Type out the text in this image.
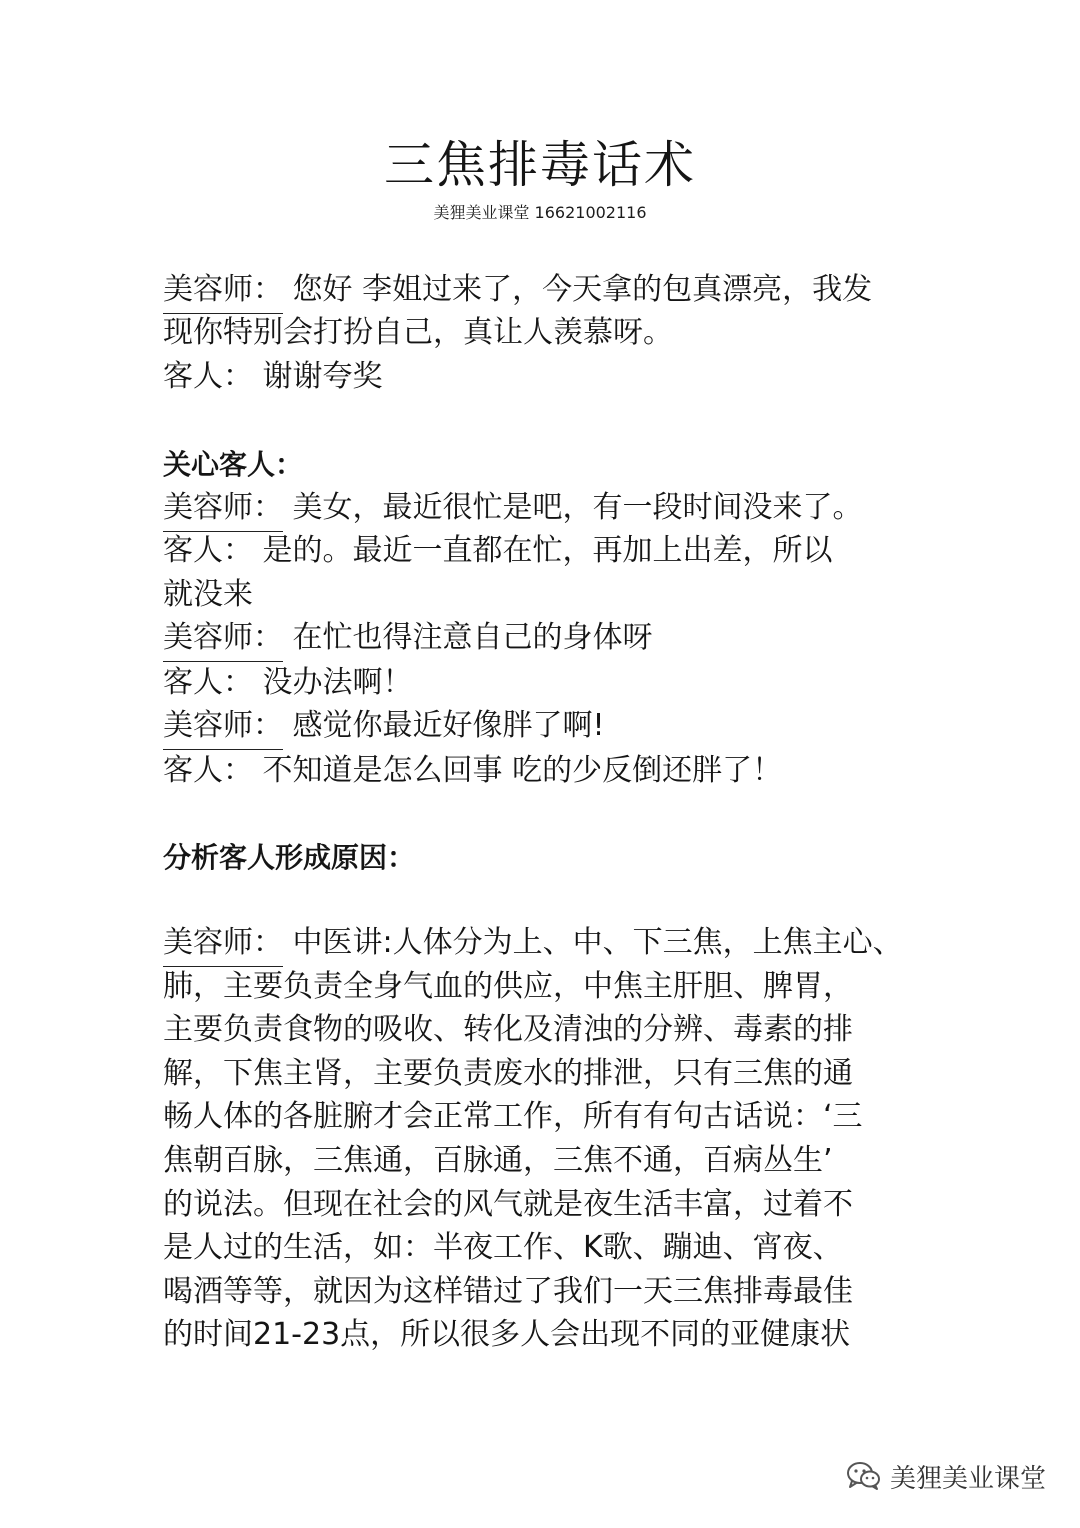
三焦排毒话术
美狸美业课堂 16621002116
美容师： 您好 李姐过来了，今天拿的包真漂亮，我发
现你特别会打扮自己，真让人羡慕呀。
客人： 谢谢夸奖
关心客人：
美容师： 美女，最近很忙是吧，有一段时间没来了。
客人： 是的。最近一直都在忙，再加上出差，所以
就没来
美容师： 在忙也得注意自己的身体呀
客人： 没办法啊！
美容师： 感觉你最近好像胖了啊!
客人： 不知道是怎么回事 吃的少反倒还胖了！
分析客人形成原因：
美容师： 中医讲:人体分为上、中、下三焦，上焦主心、
肺，主要负责全身气血的供应，中焦主肝胆、脾胃，
主要负责食物的吸收、转化及清浊的分辨、毒素的排
解，下焦主肾，主要负责废水的排泄，只有三焦的通
畅人体的各脏腑才会正常工作，所有有句古话说：‘三
焦朝百脉，三焦通，百脉通，三焦不通，百病丛生’
的说法。但现在社会的风气就是夜生活丰富，过着不
是人过的生活，如：半夜工作、K歌、蹦迪、宵夜、
喝酒等等，就因为这样错过了我们一天三焦排毒最佳
的时间21-23点，所以很多人会出现不同的亚健康状
美狸美业课堂
